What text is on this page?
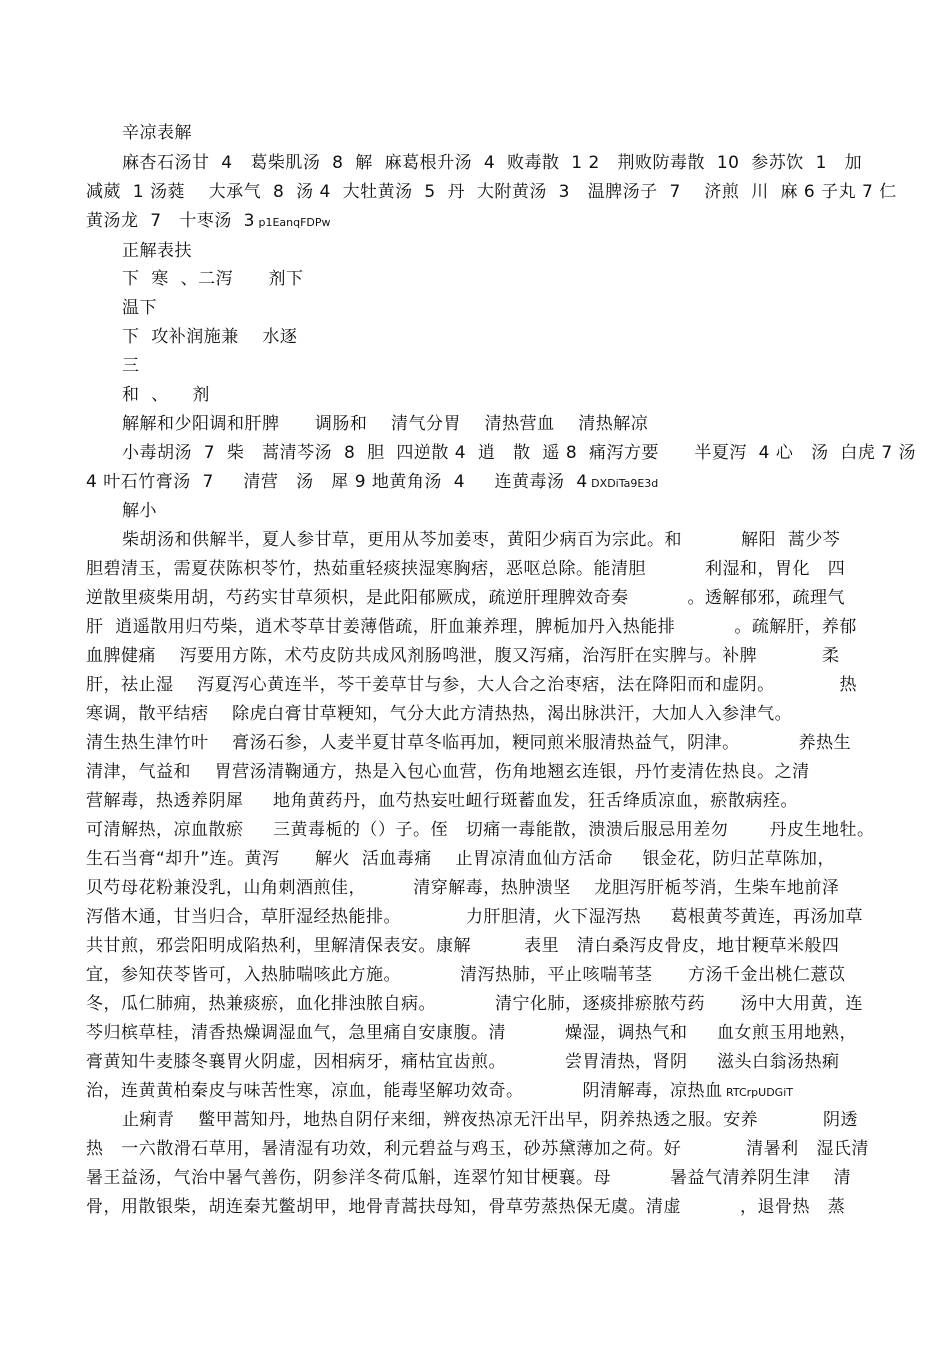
辛凉表解
麻杏石汤甘  4   葛柴肌汤  8  解  麻葛根升汤  4  败毒散  1 2   荆败防毒散  10  参苏饮  1   加
减葳  1 汤蕤    大承气  8  汤 4  大牡黄汤  5  丹  大附黄汤  3   温脾汤子  7    济煎  川  麻 6 子丸 7 仁
黄汤龙  7   十枣汤  3 p1EanqFDPw
正解表扶
下  寒  、二泻      剂下
温下
下  攻补润施兼    水逐
三
和  、    剂
解解和少阳调和肝脾      调肠和    清气分胃    清热营血    清热解凉
小毒胡汤  7  柴   蒿清芩汤  8  胆  四逆散 4  逍   散  遥 8  痛泻方要      半夏泻  4 心   汤  白虎 7 汤
4 叶石竹膏汤  7     清营   汤   犀 9 地黄角汤  4     连黄毒汤  4 DXDiTa9E3d
解小
柴胡汤和供解半，夏人参甘草，更用从芩加姜枣，黄阳少病百为宗此。和          解阳  蒿少芩
胆碧清玉，需夏茯陈枳苓竹，热茹重轻痰挟湿寒胸痞，恶呕总除。能清胆          利湿和，胃化   四
逆散里痰柴用胡，芍药实甘草须枳，是此阳郁厥成，疏逆肝理脾效奇奏          。透解郁邪，疏理气
肝  逍遥散用归芍柴，逍术苓草甘姜薄偕疏，肝血兼养理，脾栀加丹入热能排          。疏解肝，养郁
血脾健痛    泻要用方陈，术芍皮防共成风剂肠鸣泄，腹又泻痛，治泻肝在实脾与。补脾           柔
肝，祛止湿    泻夏泻心黄连半，芩干姜草甘与参，大人合之治枣痞，法在降阳而和虚阴。           热
寒调，散平结痞    除虎白膏甘草粳知，气分大此方清热热，渴出脉洪汗，大加人入参津气。
清生热生津竹叶    膏汤石参，人麦半夏甘草冬临再加，粳同煎米服清热益气，阴津。          养热生
清津，气益和    胃营汤清鞠通方，热是入包心血营，伤角地翘玄连银，丹竹麦清佐热良。之清
营解毒，热透养阴犀     地角黄药丹，血芍热妄吐衄行斑蓄血发，狂舌绛质凉血，瘀散病痊。
可清解热，凉血散瘀     三黄毒栀的（）子。侄   切痛一毒能散，溃溃后服忌用差勿       丹皮生地牡。
生石当膏“却升”连。黄泻      解火  活血毒痛    止胃凉清血仙方活命     银金花，防归芷草陈加，
贝芍母花粉兼没乳，山角刺酒煎佳，        清穿解毒，热肿溃坚    龙胆泻肝栀芩消，生柴车地前泽
泻偕木通，甘当归合，草肝湿经热能排。           力肝胆清，火下湿泻热     葛根黄芩黄连，再汤加草
共甘煎，邪尝阳明成陷热利，里解清保表安。康解         表里   清白桑泻皮骨皮，地甘粳草米般四
宜，参知茯苓皆可，入热肺喘咳此方施。          清泻热肺，平止咳喘苇茎      方汤千金出桃仁薏苡
冬，瓜仁肺痈，热兼痰瘀，血化排浊脓自病。          清宁化肺，逐痰排瘀脓芍药      汤中大用黄，连
芩归槟草桂，清香热燥调湿血气，急里痛自安康腹。清          燥湿，调热气和     血女煎玉用地熟，
膏黄知牛麦膝冬襄胃火阴虚，因相病牙，痛枯宜齿煎。          尝胃清热，肾阴     滋头白翁汤热痢
治，连黄黄柏秦皮与味苦性寒，凉血，能毒坚解功效奇。          阴清解毒，凉热血 RTCrpUDGiT
止痢青    鳖甲蒿知丹，地热自阴仔来细，辨夜热凉无汗出早，阴养热透之服。安养           阴透
热   一六散滑石草用，暑清湿有功效，利元碧益与鸡玉，砂苏黛薄加之荷。好           清暑利   湿氏清
暑王益汤，气治中暑气善伤，阴参洋冬荷瓜斛，连翠竹知甘梗襄。母          暑益气清养阴生津    清
骨，用散银柴，胡连秦艽鳖胡甲，地骨青蒿扶母知，骨草劳蒸热保无虞。清虚          ，退骨热   蒸
